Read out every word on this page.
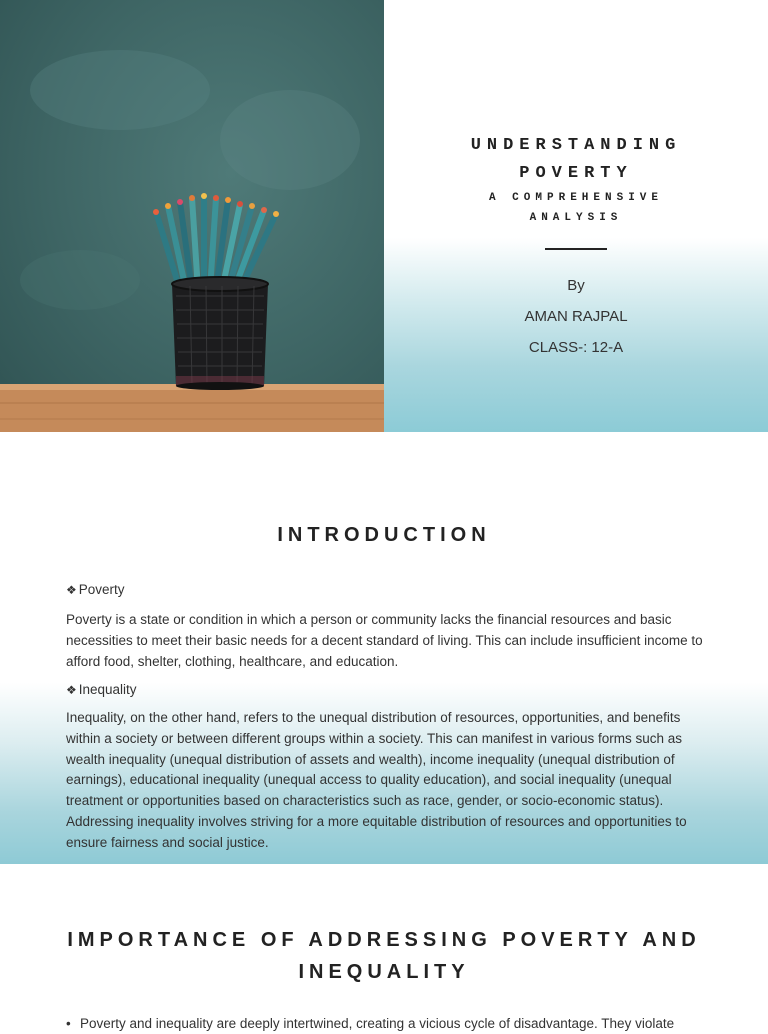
UNDERSTANDING
POVERTY
A COMPREHENSIVE
ANALYSIS
By
AMAN RAJPAL
CLASS-: 12-A
INTRODUCTION
❖ Poverty

Poverty is a state or condition in which a person or community lacks the financial resources and basic necessities to meet their basic needs for a decent standard of living. This can include insufficient income to afford food, shelter, clothing, healthcare, and education.

❖ Inequality

Inequality, on the other hand, refers to the unequal distribution of resources, opportunities, and benefits within a society or between different groups within a society. This can manifest in various forms such as wealth inequality (unequal distribution of assets and wealth), income inequality (unequal distribution of earnings), educational inequality (unequal access to quality education), and social inequality (unequal treatment or opportunities based on characteristics such as race, gender, or socio-economic status). Addressing inequality involves striving for a more equitable distribution of resources and opportunities to ensure fairness and social justice.

IMPORTANCE OF ADDRESSING POVERTY AND
INEQUALITY
• Poverty and inequality are deeply intertwined, creating a vicious cycle of disadvantage. They violate
